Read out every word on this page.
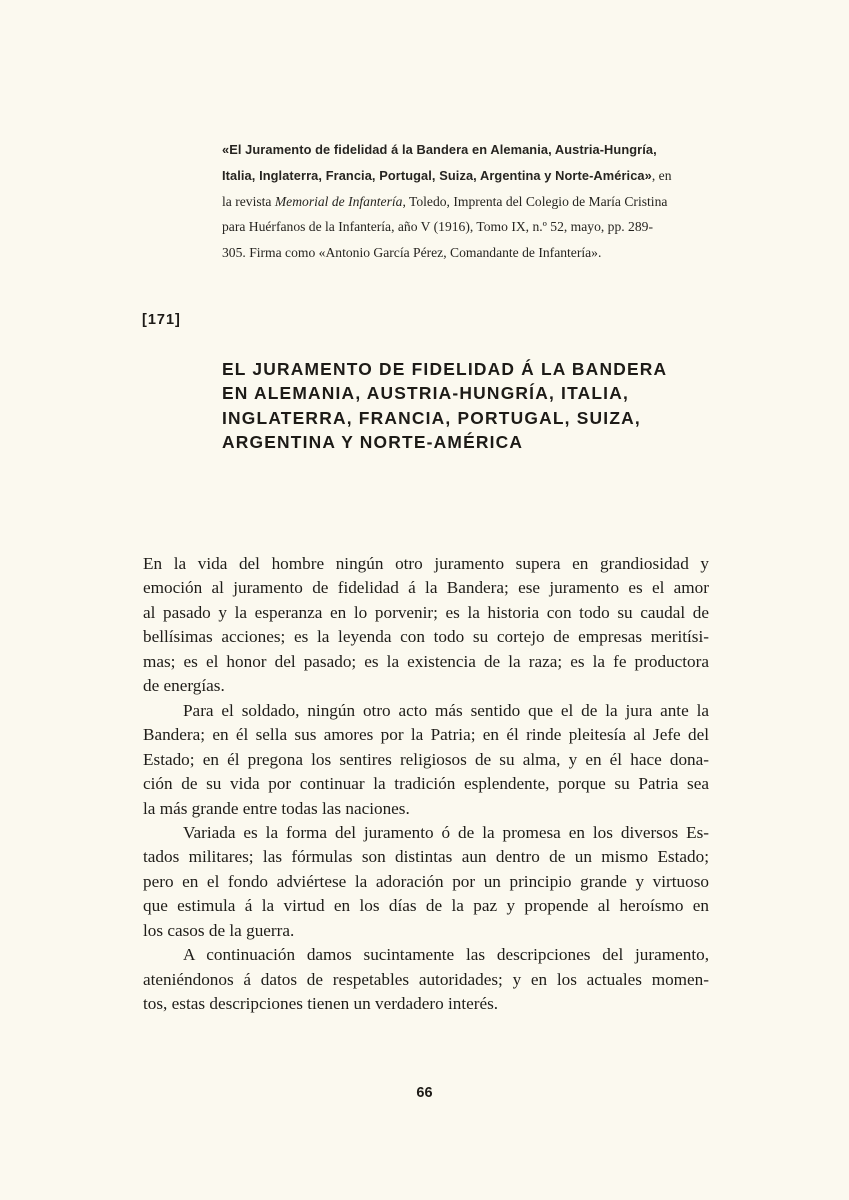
«El Juramento de fidelidad á la Bandera en Alemania, Austria-Hungría,
Italia, Inglaterra, Francia, Portugal, Suiza, Argentina y Norte-América», en
la revista Memorial de Infantería, Toledo, Imprenta del Colegio de María Cristina
para Huérfanos de la Infantería, año V (1916), Tomo IX, n.º 52, mayo, pp. 289-
305. Firma como «Antonio García Pérez, Comandante de Infantería».
[171]
EL JURAMENTO DE FIDELIDAD Á LA BANDERA
EN ALEMANIA, AUSTRIA-HUNGRÍA, ITALIA,
INGLATERRA, FRANCIA, PORTUGAL, SUIZA,
ARGENTINA Y NORTE-AMÉRICA
En la vida del hombre ningún otro juramento supera en grandiosidad y
emoción al juramento de fidelidad á la Bandera; ese juramento es el amor
al pasado y la esperanza en lo porvenir; es la historia con todo su caudal de
bellísimas acciones; es la leyenda con todo su cortejo de empresas meritísi-
mas; es el honor del pasado; es la existencia de la raza; es la fe productora
de energías.
Para el soldado, ningún otro acto más sentido que el de la jura ante la
Bandera; en él sella sus amores por la Patria; en él rinde pleitesía al Jefe del
Estado; en él pregona los sentires religiosos de su alma, y en él hace dona-
ción de su vida por continuar la tradición esplendente, porque su Patria sea
la más grande entre todas las naciones.
Variada es la forma del juramento ó de la promesa en los diversos Es-
tados militares; las fórmulas son distintas aun dentro de un mismo Estado;
pero en el fondo adviértese la adoración por un principio grande y virtuoso
que estimula á la virtud en los días de la paz y propende al heroísmo en
los casos de la guerra.
A continuación damos sucintamente las descripciones del juramento,
ateniéndonos á datos de respetables autoridades; y en los actuales momen-
tos, estas descripciones tienen un verdadero interés.
66
